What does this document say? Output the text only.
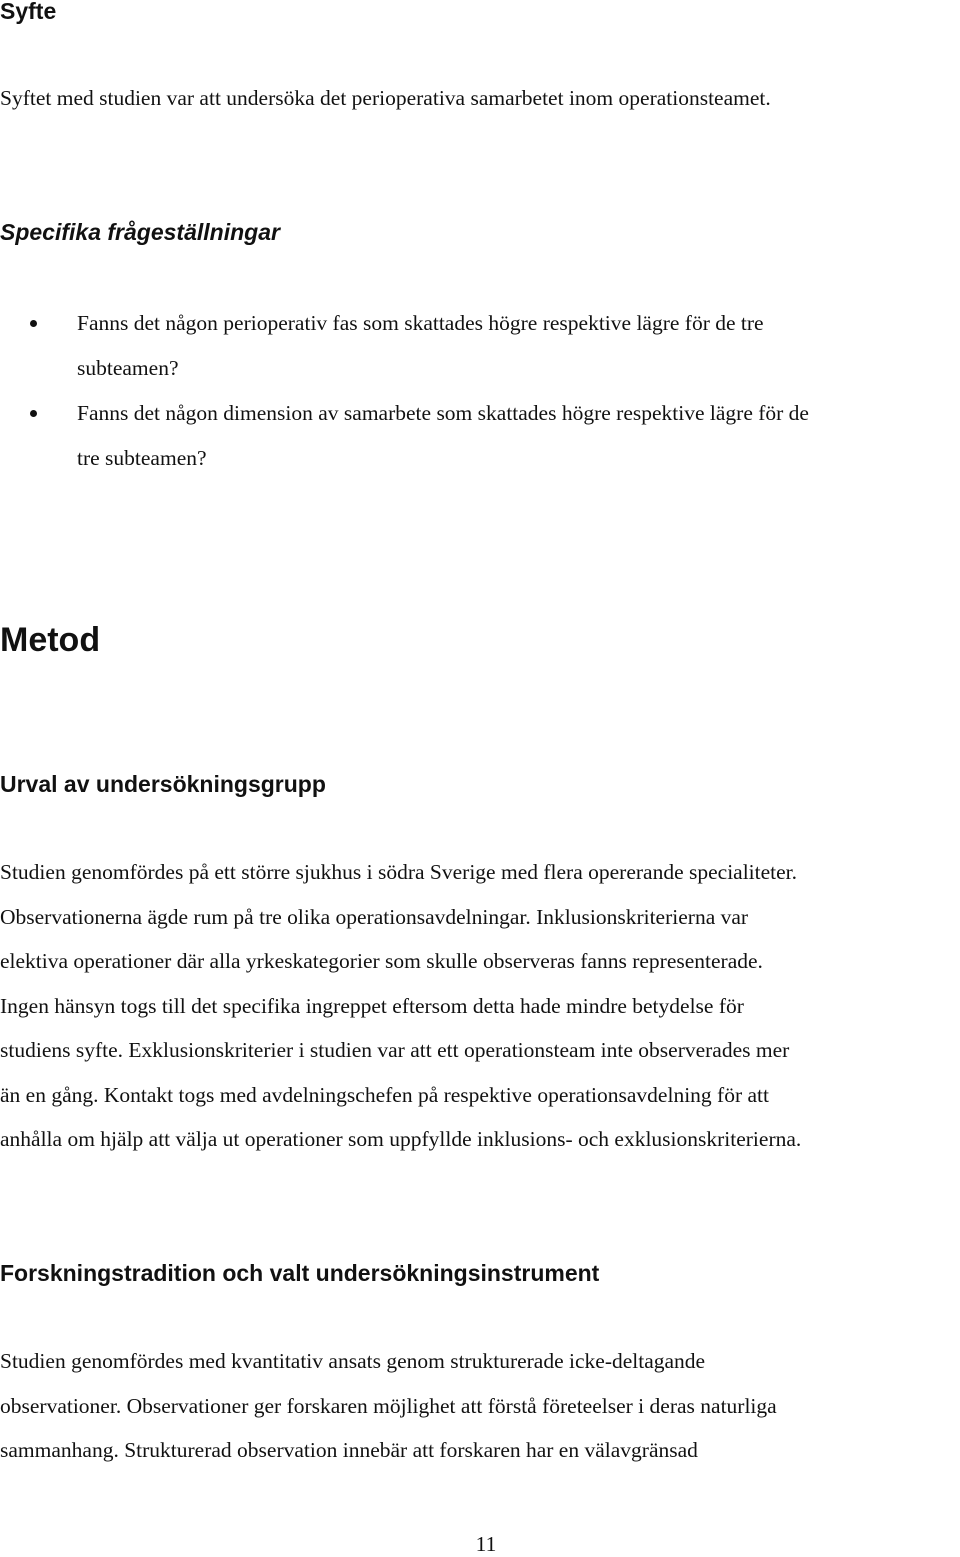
Syfte

Syftet med studien var att undersöka det perioperativa samarbetet inom operationsteamet.

Specifika frågeställningar
Fanns det någon perioperativ fas som skattades högre respektive lägre för de tre
subteamen?
Fanns det någon dimension av samarbete som skattades högre respektive lägre för de
tre subteamen?
Metod
Urval av undersökningsgrupp
Studien genomfördes på ett större sjukhus i södra Sverige med flera opererande specialiteter.
Observationerna ägde rum på tre olika operationsavdelningar. Inklusionskriterierna var
elektiva operationer där alla yrkeskategorier som skulle observeras fanns representerade.
Ingen hänsyn togs till det specifika ingreppet eftersom detta hade mindre betydelse för
studiens syfte. Exklusionskriterier i studien var att ett operationsteam inte observerades mer
än en gång. Kontakt togs med avdelningschefen på respektive operationsavdelning för att
anhålla om hjälp att välja ut operationer som uppfyllde inklusions- och exklusionskriterierna.
Forskningstradition och valt undersökningsinstrument
Studien genomfördes med kvantitativ ansats genom strukturerade icke-deltagande
observationer. Observationer ger forskaren möjlighet att förstå företeelser i deras naturliga
sammanhang. Strukturerad observation innebär att forskaren har en välavgränsad
11
